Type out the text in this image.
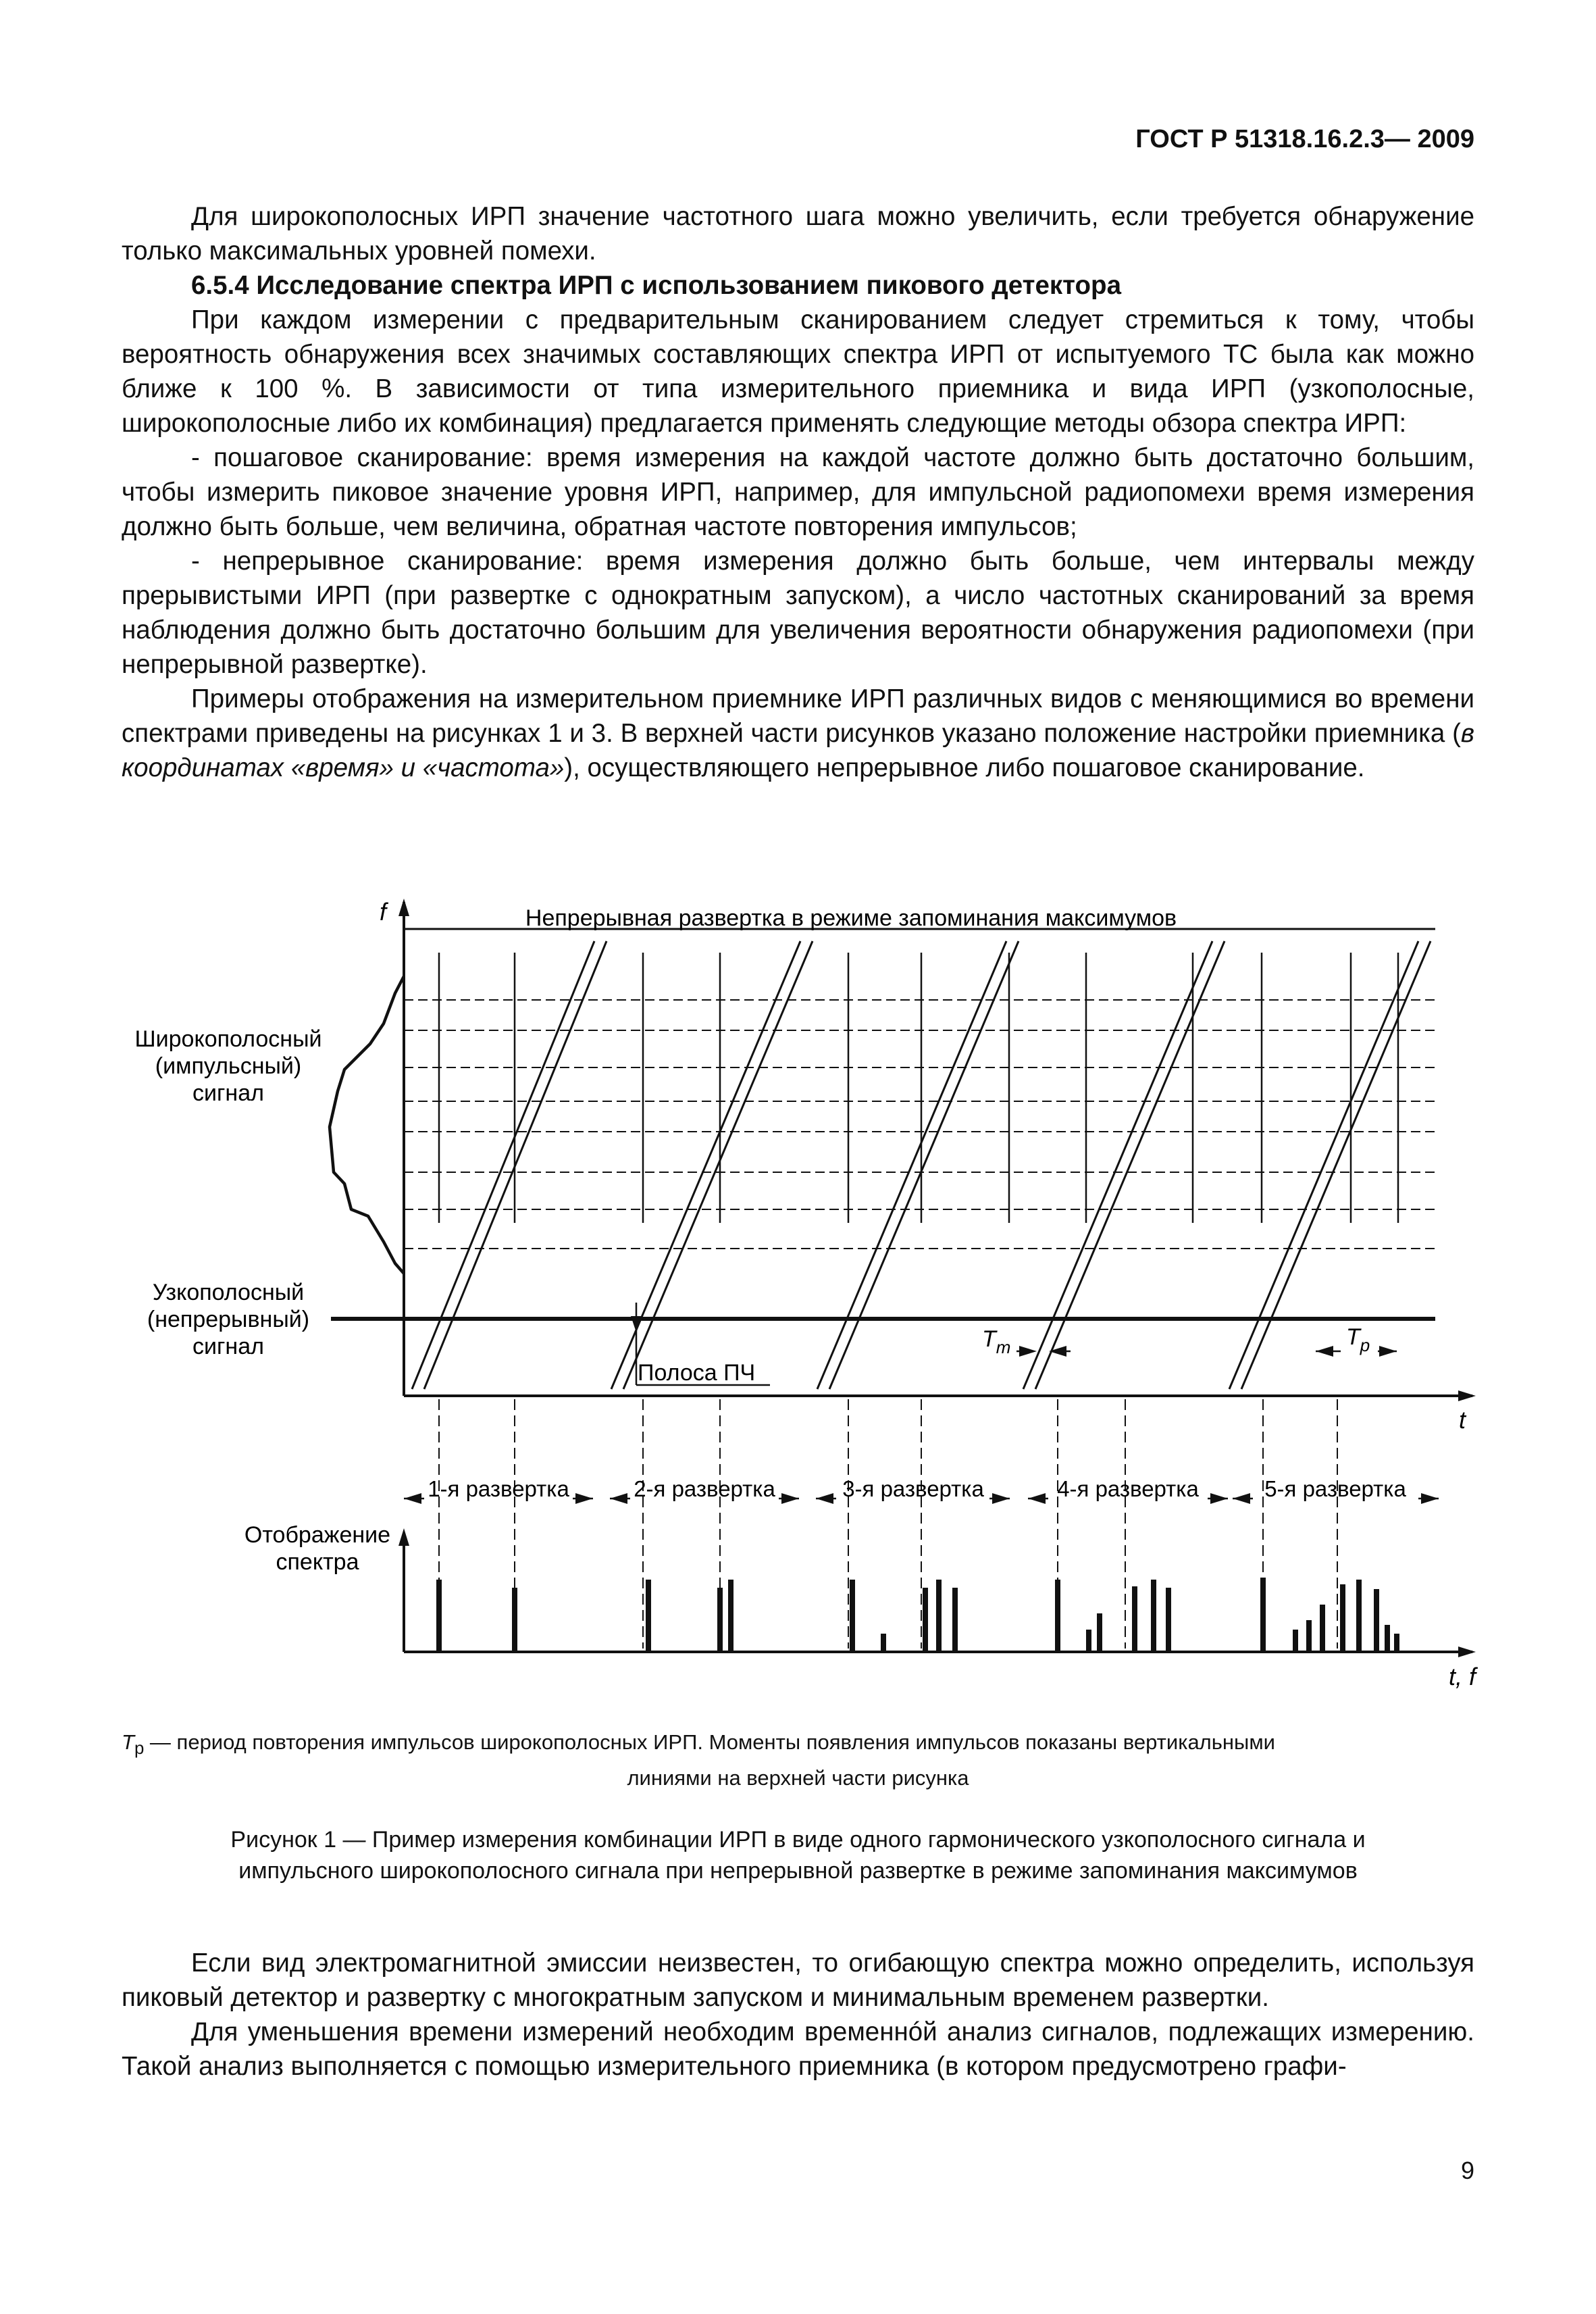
ГОСТ Р 51318.16.2.3— 2009

Для широкополосных ИРП значение частотного шага можно увеличить, если требуется обнаружение только максимальных уровней помехи.

6.5.4 Исследование спектра ИРП с использованием пикового детектора

При каждом измерении с предварительным сканированием следует стремиться к тому, чтобы вероятность обнаружения всех значимых составляющих спектра ИРП от испытуемого ТС была как можно ближе к 100 %. В зависимости от типа измерительного приемника и вида ИРП (узкополосные, широкополосные либо их комбинация) предлагается применять следующие методы обзора спектра ИРП:

- пошаговое сканирование: время измерения на каждой частоте должно быть достаточно большим, чтобы измерить пиковое значение уровня ИРП, например, для импульсной радиопомехи время измерения должно быть больше, чем величина, обратная частоте повторения импульсов;

- непрерывное сканирование: время измерения должно быть больше, чем интервалы между прерывистыми ИРП (при развертке с однократным запуском), а число частотных сканирований за время наблюдения должно быть достаточно большим для увеличения вероятности обнаружения радиопомехи (при непрерывной развертке).

Примеры отображения на измерительном приемнике ИРП различных видов с меняющимися во времени спектрами приведены на рисунках 1 и 3. В верхней части рисунков указано положение настройки приемника (в координатах «время» и «частота»), осуществляющего непрерывное либо пошаговое сканирование.

f	Непрерывная развертка в режиме запоминания максимумов
Широкополосный
(импульсный)
сигнал
Узкополосный
(непрерывный)
сигнал
Полоса ПЧ
$T_m$	$T_p$
t
1-я развертка	2-я развертка	3-я развертка	4-я развертка	5-я развертка
Отображение
спектра
t, f
$T_p$ — период повторения импульсов широкополосных ИРП. Моменты появления импульсов показаны вертикальными
линиями на верхней части рисунка
Рисунок 1 — Пример измерения комбинации ИРП в виде одного гармонического узкополосного сигнала и
импульсного широкополосного сигнала при непрерывной развертке в режиме запоминания максимумов

Если вид электромагнитной эмиссии неизвестен, то огибающую спектра можно определить, используя пиковый детектор и развертку с многократным запуском и минимальным временем развертки.

Для уменьшения времени измерений необходим временнóй анализ сигналов, подлежащих измерению. Такой анализ выполняется с помощью измерительного приемника (в котором предусмотрено графи-

9
